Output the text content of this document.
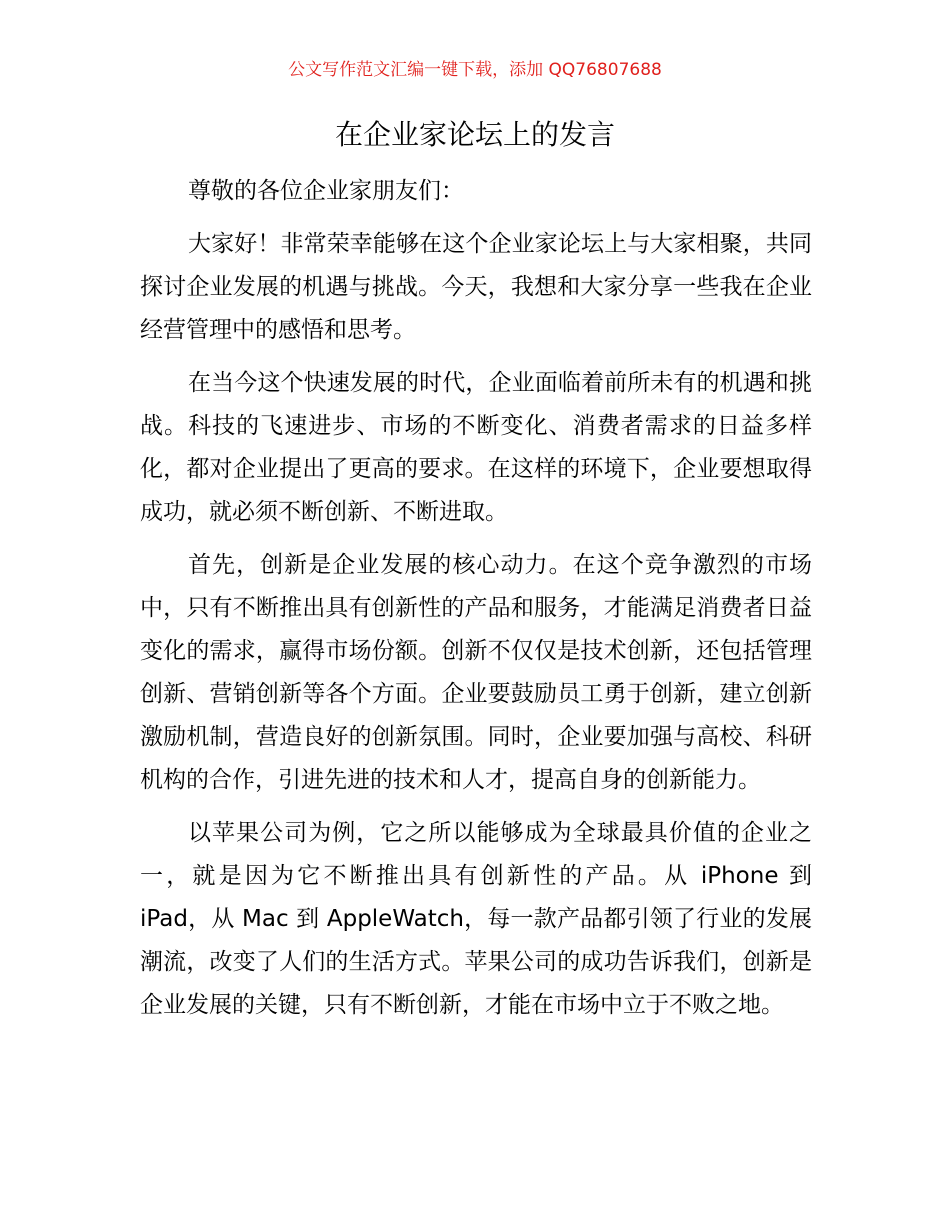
公文写作范文汇编一键下载，添加 QQ76807688
在企业家论坛上的发言

尊敬的各位企业家朋友们：

大家好！非常荣幸能够在这个企业家论坛上与大家相聚，共同探讨企业发展的机遇与挑战。今天，我想和大家分享一些我在企业经营管理中的感悟和思考。

在当今这个快速发展的时代，企业面临着前所未有的机遇和挑战。科技的飞速进步、市场的不断变化、消费者需求的日益多样化，都对企业提出了更高的要求。在这样的环境下，企业要想取得成功，就必须不断创新、不断进取。

首先，创新是企业发展的核心动力。在这个竞争激烈的市场中，只有不断推出具有创新性的产品和服务，才能满足消费者日益变化的需求，赢得市场份额。创新不仅仅是技术创新，还包括管理创新、营销创新等各个方面。企业要鼓励员工勇于创新，建立创新激励机制，营造良好的创新氛围。同时，企业要加强与高校、科研机构的合作，引进先进的技术和人才，提高自身的创新能力。

以苹果公司为例，它之所以能够成为全球最具价值的企业之一，就是因为它不断推出具有创新性的产品。从 iPhone 到 iPad，从 Mac 到 AppleWatch，每一款产品都引领了行业的发展潮流，改变了人们的生活方式。苹果公司的成功告诉我们，创新是企业发展的关键，只有不断创新，才能在市场中立于不败之地。
